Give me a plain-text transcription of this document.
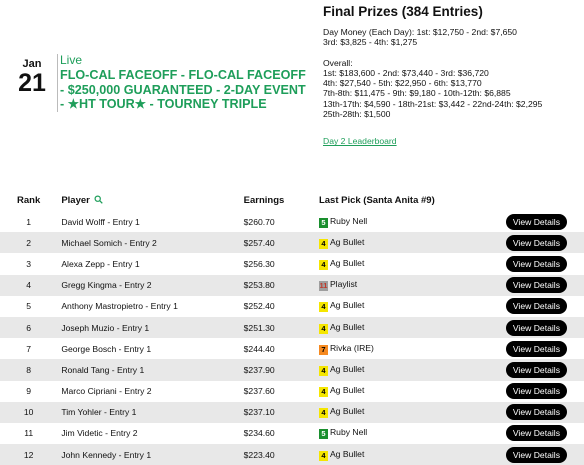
Jan
21
Live
FLO-CAL FACEOFF - FLO-CAL FACEOFF - $250,000 GUARANTEED - 2-DAY EVENT - ★HT TOUR★ - TOURNEY TRIPLE
Final Prizes (384 Entries)
Day Money (Each Day): 1st: $12,750 - 2nd: $7,650
3rd: $3,825 - 4th: $1,275
Overall:
1st: $183,600 - 2nd: $73,440 - 3rd: $36,720
4th: $27,540 - 5th: $22,950 - 6th: $13,770
7th-8th: $11,475 - 9th: $9,180 - 10th-12th: $6,885
13th-17th: $4,590 - 18th-21st: $3,442 - 22nd-24th: $2,295
25th-28th: $1,500
Day 2 Leaderboard
Rank	Player	Earnings	Last Pick (Santa Anita #9)	
1	David Wolff - Entry 1	$260.70	5 Ruby Nell	View Details
2	Michael Somich - Entry 2	$257.40	4 Ag Bullet	View Details
3	Alexa Zepp - Entry 1	$256.30	4 Ag Bullet	View Details
4	Gregg Kingma - Entry 2	$253.80	11 Playlist	View Details
5	Anthony Mastropietro - Entry 1	$252.40	4 Ag Bullet	View Details
6	Joseph Muzio - Entry 1	$251.30	4 Ag Bullet	View Details
7	George Bosch - Entry 1	$244.40	7 Rivka (IRE)	View Details
8	Ronald Tang - Entry 1	$237.90	4 Ag Bullet	View Details
9	Marco Cipriani - Entry 2	$237.60	4 Ag Bullet	View Details
10	Tim Yohler - Entry 1	$237.10	4 Ag Bullet	View Details
11	Jim Videtic - Entry 2	$234.60	5 Ruby Nell	View Details
12	John Kennedy - Entry 1	$223.40	4 Ag Bullet	View Details
